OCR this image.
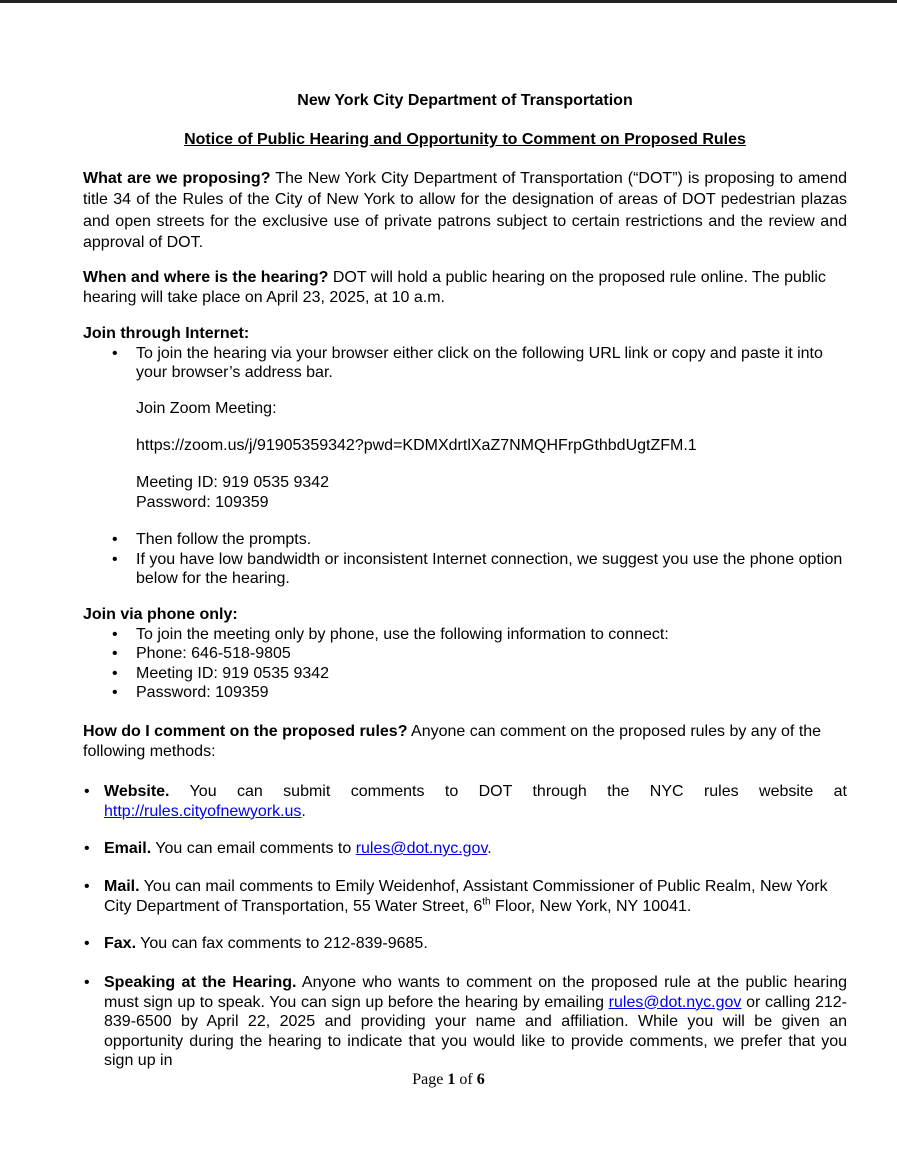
New York City Department of Transportation
Notice of Public Hearing and Opportunity to Comment on Proposed Rules
What are we proposing? The New York City Department of Transportation (“DOT”) is proposing to amend title 34 of the Rules of the City of New York to allow for the designation of areas of DOT pedestrian plazas and open streets for the exclusive use of private patrons subject to certain restrictions and the review and approval of DOT.
When and where is the hearing? DOT will hold a public hearing on the proposed rule online. The public hearing will take place on April 23, 2025, at 10 a.m.
Join through Internet:
• To join the hearing via your browser either click on the following URL link or copy and paste it into your browser’s address bar.
Join Zoom Meeting:
https://zoom.us/j/91905359342?pwd=KDMXdrtlXaZ7NMQHFrpGthbdUgtZFM.1
Meeting ID: 919 0535 9342
Password: 109359
• Then follow the prompts.
• If you have low bandwidth or inconsistent Internet connection, we suggest you use the phone option below for the hearing.
Join via phone only:
• To join the meeting only by phone, use the following information to connect:
• Phone: 646-518-9805
• Meeting ID: 919 0535 9342
• Password: 109359
How do I comment on the proposed rules? Anyone can comment on the proposed rules by any of the following methods:
• Website. You can submit comments to DOT through the NYC rules website at http://rules.cityofnewyork.us.
• Email. You can email comments to rules@dot.nyc.gov.
• Mail. You can mail comments to Emily Weidenhof, Assistant Commissioner of Public Realm, New York City Department of Transportation, 55 Water Street, 6th Floor, New York, NY 10041.
• Fax. You can fax comments to 212-839-9685.
• Speaking at the Hearing. Anyone who wants to comment on the proposed rule at the public hearing must sign up to speak. You can sign up before the hearing by emailing rules@dot.nyc.gov or calling 212-839-6500 by April 22, 2025 and providing your name and affiliation. While you will be given an opportunity during the hearing to indicate that you would like to provide comments, we prefer that you sign up in
Page 1 of 6
